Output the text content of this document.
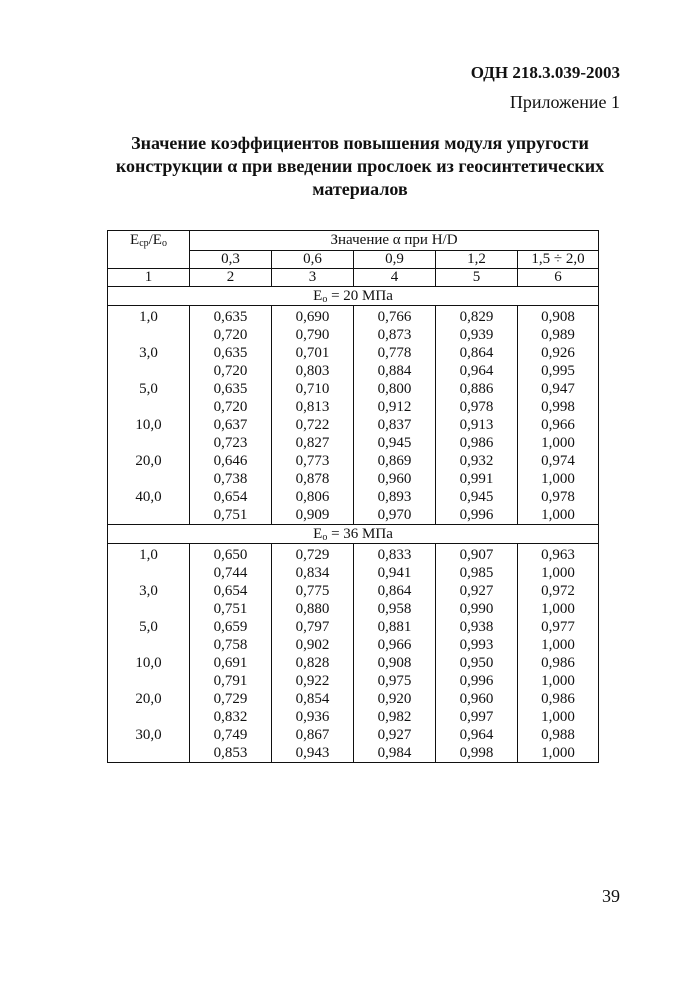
ОДН 218.3.039-2003
Приложение 1
Значение коэффициентов повышения модуля упругости
конструкции α при введении прослоек из геосинтетических
материалов
$E_{ср}/E_о$	Значение α при H/D				
	0,3	0,6	0,9	1,2	1,5 ÷ 2,0
1	2	3	4	5	6
$E_o = 20$ МПа					
1,0	0,635	0,690	0,766	0,829	0,908
	0,720	0,790	0,873	0,939	0,989
3,0	0,635	0,701	0,778	0,864	0,926
	0,720	0,803	0,884	0,964	0,995
5,0	0,635	0,710	0,800	0,886	0,947
	0,720	0,813	0,912	0,978	0,998
10,0	0,637	0,722	0,837	0,913	0,966
	0,723	0,827	0,945	0,986	1,000
20,0	0,646	0,773	0,869	0,932	0,974
	0,738	0,878	0,960	0,991	1,000
40,0	0,654	0,806	0,893	0,945	0,978
	0,751	0,909	0,970	0,996	1,000
$E_o = 36$ МПа					
1,0	0,650	0,729	0,833	0,907	0,963
	0,744	0,834	0,941	0,985	1,000
3,0	0,654	0,775	0,864	0,927	0,972
	0,751	0,880	0,958	0,990	1,000
5,0	0,659	0,797	0,881	0,938	0,977
	0,758	0,902	0,966	0,993	1,000
10,0	0,691	0,828	0,908	0,950	0,986
	0,791	0,922	0,975	0,996	1,000
20,0	0,729	0,854	0,920	0,960	0,986
	0,832	0,936	0,982	0,997	1,000
30,0	0,749	0,867	0,927	0,964	0,988
	0,853	0,943	0,984	0,998	1,000
39
